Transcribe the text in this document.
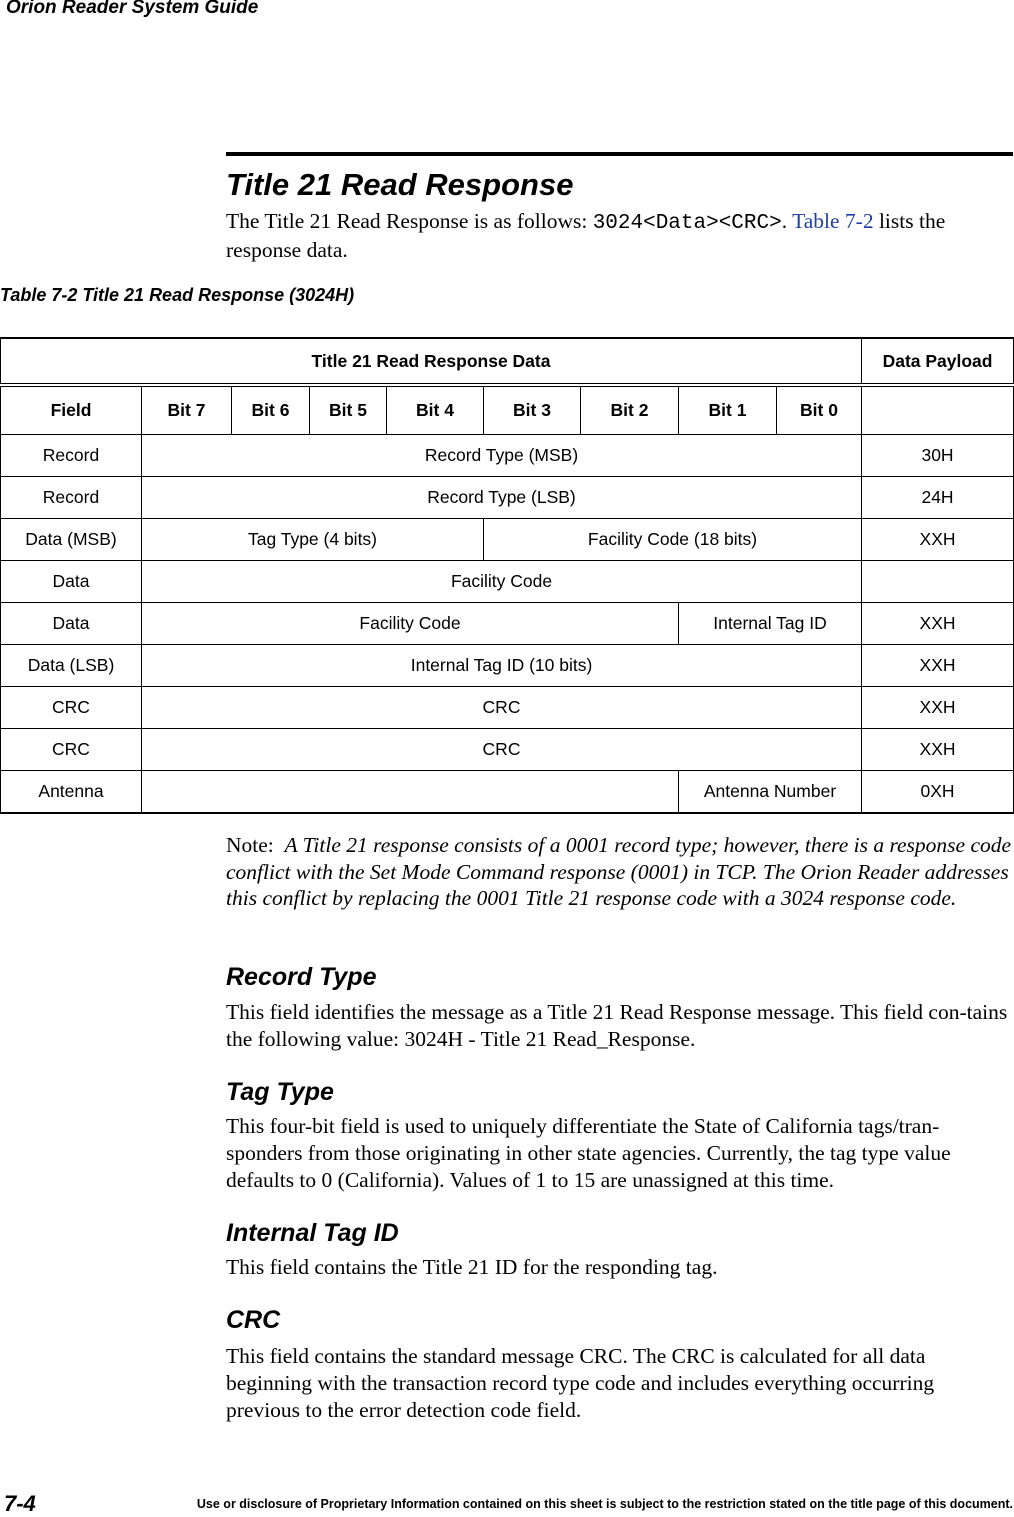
Orion Reader System Guide
Title 21 Read Response

The Title 21 Read Response is as follows: 3024<Data><CRC>. Table 7-2 lists the response data.

Table 7-2 Title 21 Read Response (3024H)

Title 21 Read Response Data									Data Payload
Field	Bit 7	Bit 6	Bit 5	Bit 4	Bit 3	Bit 2	Bit 1	Bit 0	
Record	Record Type (MSB)								30H
Record	Record Type (LSB)								24H
Data (MSB)	Tag Type (4 bits)				Facility Code (18 bits)				XXH
Data	Facility Code								
Data	Facility Code						Internal Tag ID		XXH
Data (LSB)	Internal Tag ID (10 bits)								XXH
CRC	CRC								XXH
CRC	CRC								XXH
Antenna							Antenna Number		0XH

Note: A Title 21 response consists of a 0001 record type; however, there is a response code conflict with the Set Mode Command response (0001) in TCP. The Orion Reader addresses this conflict by replacing the 0001 Title 21 response code with a 3024 response code.

Record Type

This field identifies the message as a Title 21 Read Response message. This field con-tains the following value: 3024H - Title 21 Read_Response.

Tag Type

This four-bit field is used to uniquely differentiate the State of California tags/tran-sponders from those originating in other state agencies. Currently, the tag type value defaults to 0 (California). Values of 1 to 15 are unassigned at this time.

Internal Tag ID

This field contains the Title 21 ID for the responding tag.

CRC

This field contains the standard message CRC. The CRC is calculated for all data beginning with the transaction record type code and includes everything occurring previous to the error detection code field.

7-4	Use or disclosure of Proprietary Information contained on this sheet is subject to the restriction stated on the title page of this document.
